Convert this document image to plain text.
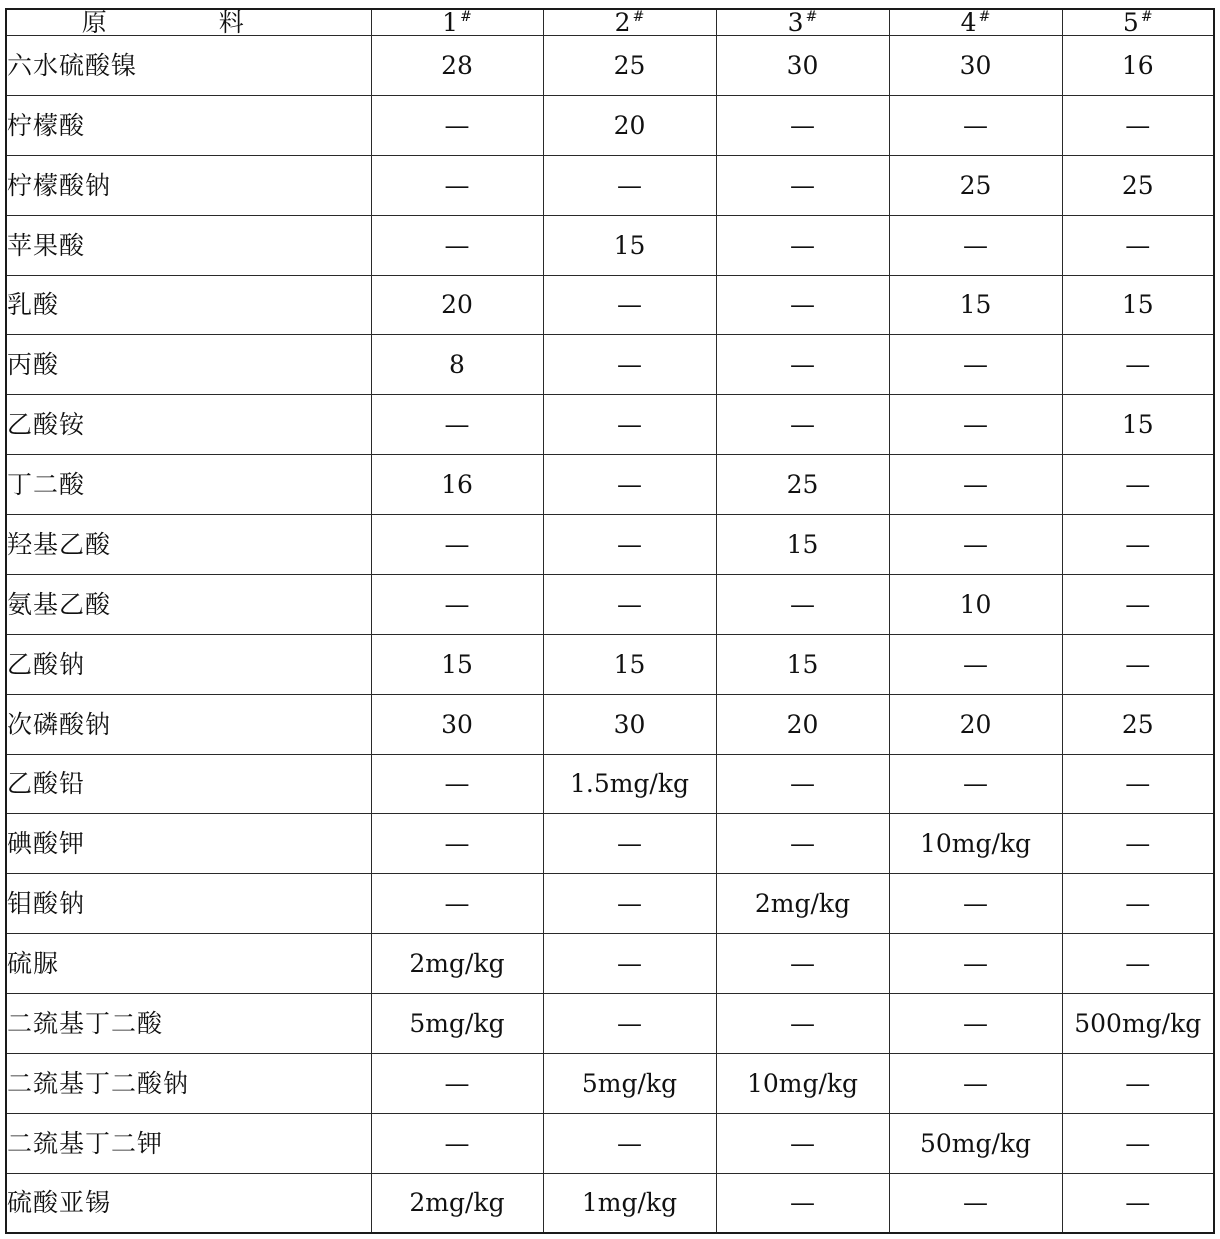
原 料	1 #	2 #	3 #	4 #	5 #
六水硫酸镍	28	25	30	30	16
柠檬酸	—	20	—	—	—
柠檬酸钠	—	—	—	25	25
苹果酸	—	15	—	—	—
乳酸	20	—	—	15	15
丙酸	8	—	—	—	—
乙酸铵	—	—	—	—	15
丁二酸	16	—	25	—	—
羟基乙酸	—	—	15	—	—
氨基乙酸	—	—	—	10	—
乙酸钠	15	15	15	—	—
次磷酸钠	30	30	20	20	25
乙酸铅	—	1.5mg/kg	—	—	—
碘酸钾	—	—	—	10mg/kg	—
钼酸钠	—	—	2mg/kg	—	—
硫脲	2mg/kg	—	—	—	—
二巯基丁二酸	5mg/kg	—	—	—	500mg/kg
二巯基丁二酸钠	—	5mg/kg	10mg/kg	—	—
二巯基丁二钾	—	—	—	50mg/kg	—
硫酸亚锡	2mg/kg	1mg/kg	—	—	—
